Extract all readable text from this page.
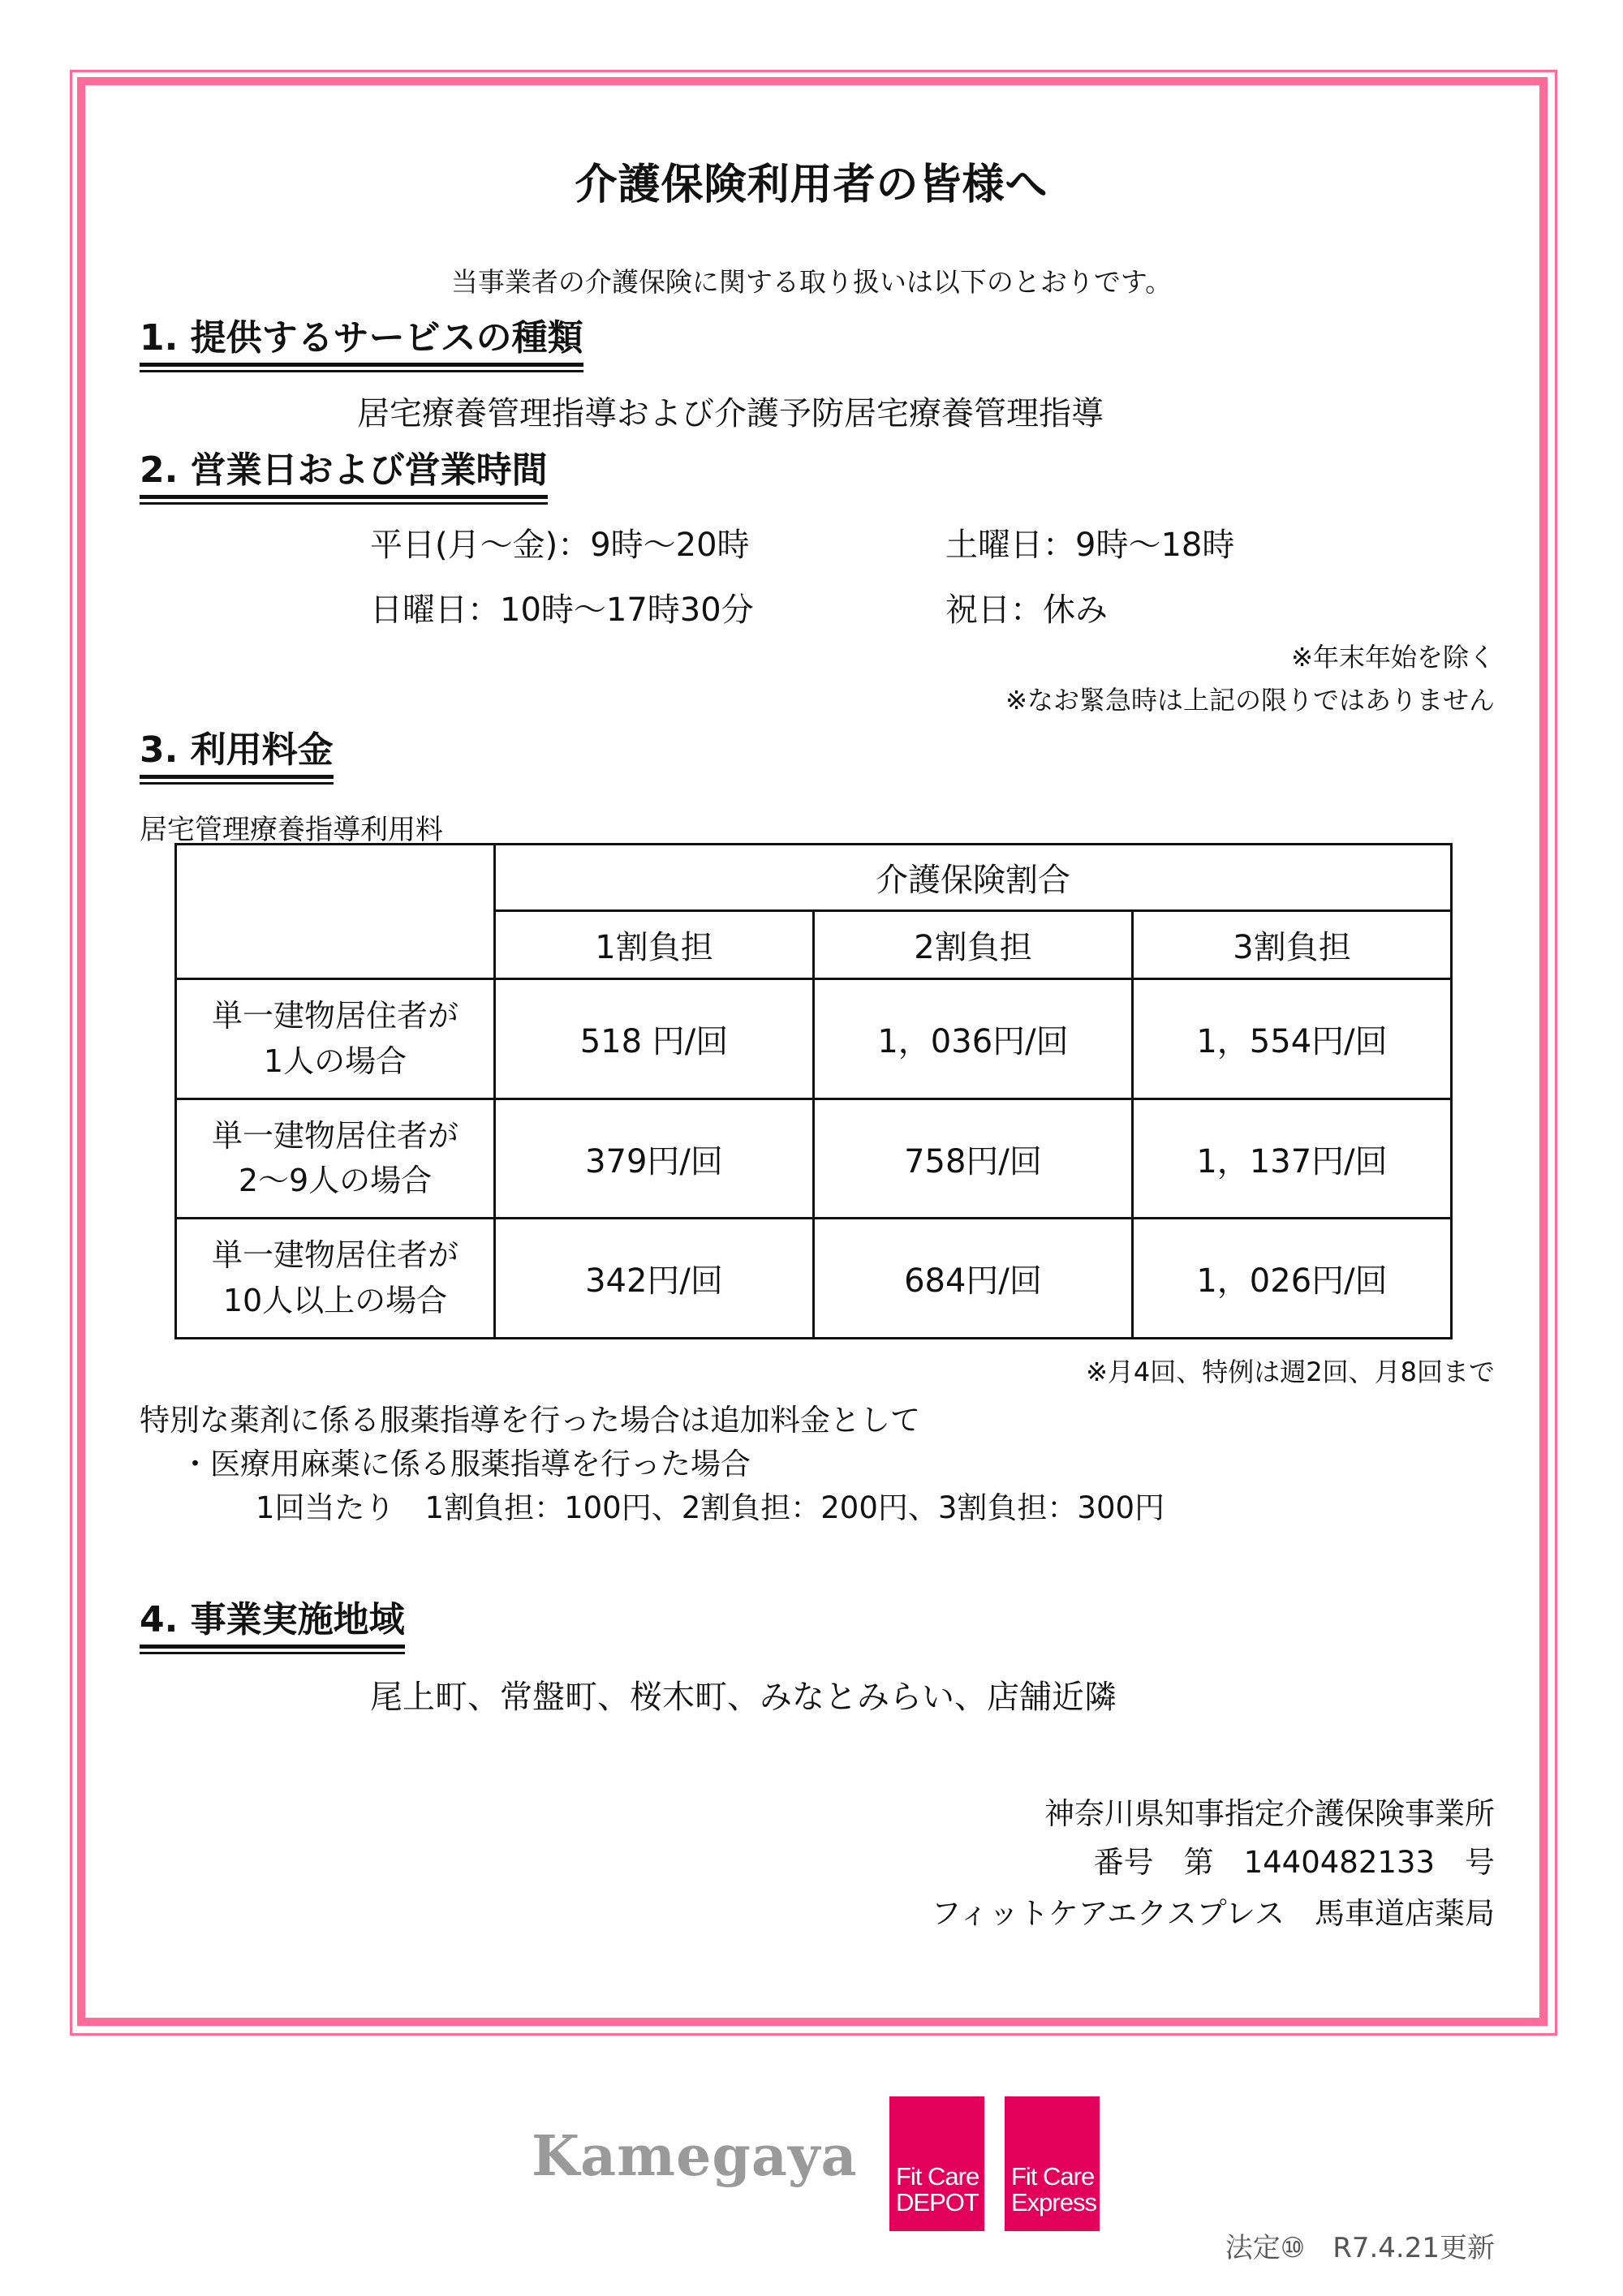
介護保険利用者の皆様へ
当事業者の介護保険に関する取り扱いは以下のとおりです。
1. 提供するサービスの種類
居宅療養管理指導および介護予防居宅療養管理指導
2. 営業日および営業時間
平日(月～金)：9時～20時	土曜日：9時～18時
日曜日：10時～17時30分	祝日：休み
※年末年始を除く
※なお緊急時は上記の限りではありません
3. 利用料金
居宅管理療養指導利用料
	介護保険割合		
	1割負担	2割負担	3割負担

単一建物居住者が
1人の場合	518 円/回	1，036円/回	1，554円/回

単一建物居住者が
2～9人の場合	379円/回	758円/回	1，137円/回

単一建物居住者が
10人以上の場合	342円/回	684円/回	1，026円/回
※月4回、特例は週2回、月8回まで
特別な薬剤に係る服薬指導を行った場合は追加料金として
・医療用麻薬に係る服薬指導を行った場合
1回当たり　1割負担：100円、2割負担：200円、3割負担：300円
4. 事業実施地域
尾上町、常盤町、桜木町、みなとみらい、店舗近隣
神奈川県知事指定介護保険事業所
番号　第　1440482133　号
フィットケアエクスプレス　馬車道店薬局
Kamegaya Fit Care
DEPOT
Fit Care
Express
法定⑩　R7.4.21更新
